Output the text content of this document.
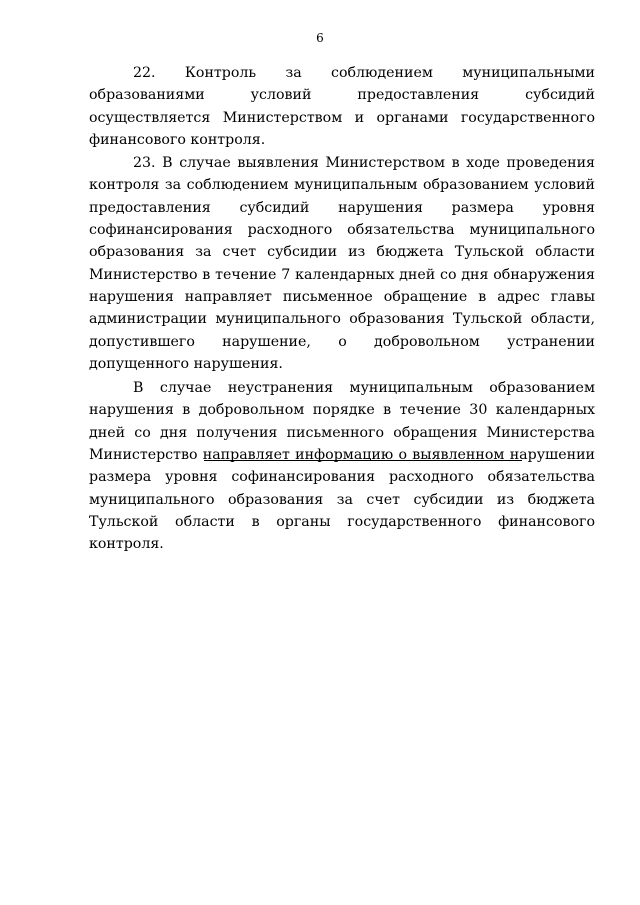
6

22. Контроль за соблюдением муниципальными образованиями условий предоставления субсидий осуществляется Министерством и органами государственного финансового контроля.

23. В случае выявления Министерством в ходе проведения контроля за соблюдением муниципальным образованием условий предоставления субсидий нарушения размера уровня софинансирования расходного обязательства муниципального образования за счет субсидии из бюджета Тульской области Министерство в течение 7 календарных дней со дня обнаружения нарушения направляет письменное обращение в адрес главы администрации муниципального образования Тульской области, допустившего нарушение, о добровольном устранении допущенного нарушения.

В случае неустранения муниципальным образованием нарушения в добровольном порядке в течение 30 календарных дней со дня получения письменного обращения Министерства Министерство направляет информацию о выявленном нарушении размера уровня софинансирования расходного обязательства муниципального образования за счет субсидии из бюджета Тульской области в органы государственного финансового контроля.
